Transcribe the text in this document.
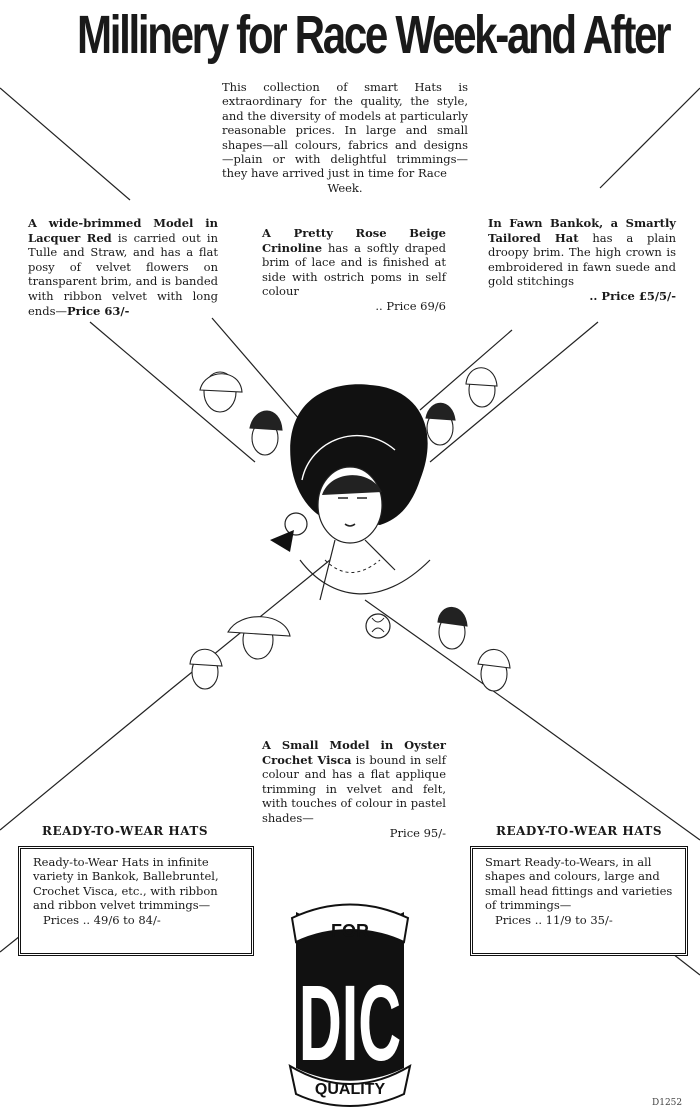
Millinery for Race Week-and After
This collection of smart Hats is extraordinary for the quality, the style, and the diversity of models at particularly reasonable prices. In large and small shapes—all colours, fabrics and designs —plain or with delightful trimmings— they have arrived just in time for Race
Week.
A wide-brimmed Model in Lacquer Red is carried out in Tulle and Straw, and has a flat posy of velvet flowers on transparent brim, and is banded with ribbon velvet with long ends—Price 63/-
A Pretty Rose Beige Crinoline has a softly draped brim of lace and is finished at side with ostrich poms in self colour
.. Price 69/6
In Fawn Bankok, a Smartly Tailored Hat has a plain droopy brim. The high crown is embroidered in fawn suede and gold stitchings
.. Price £5/5/-
A Small Model in Oyster Crochet Visca is bound in self colour and has a flat applique trimming in velvet and felt, with touches of colour in pastel shades—
Price 95/-
READY-TO-WEAR HATS
Ready-to-Wear Hats in infinite variety in Bankok, Ballebruntel, Crochet Visca, etc., with ribbon and ribbon velvet trimmings—
Prices .. 49/6 to 84/-
READY-TO-WEAR HATS
Smart Ready-to-Wears, in all shapes and colours, large and small head fittings and varieties of trimmings—
Prices .. 11/9 to 35/-
FOR
DIC
QUALITY
D1252
